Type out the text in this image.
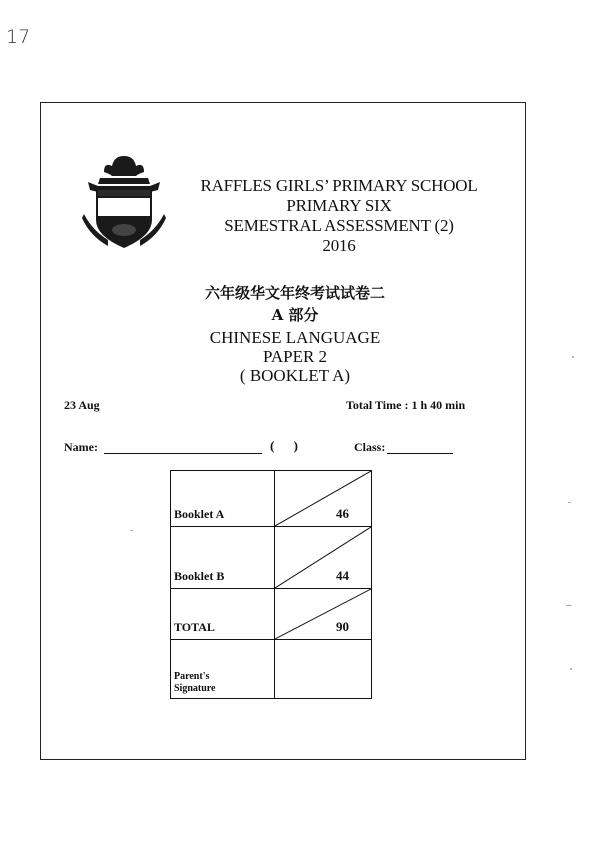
17
RAFFLES GIRLS’ PRIMARY SCHOOL
PRIMARY SIX
SEMESTRAL ASSESSMENT (2)
2016
六年级华文年终考试试卷二
A 部分
CHINESE LANGUAGE
PAPER 2
( BOOKLET A)
23 Aug	Total Time : 1 h 40 min
Name:	( )	Class:
Booklet A	46

Booklet B	44

TOTAL	90

Parent's
Signature	
